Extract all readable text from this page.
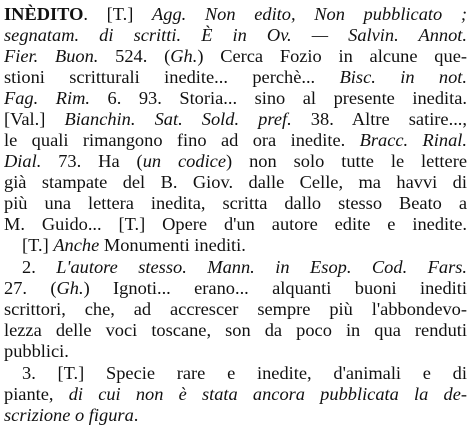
INÈDITO. [T.] Agg. Non edito, Non pubblicato ;
segnatam. di scritti. È in Ov. — Salvin. Annot.
Fier. Buon. 524. (Gh.) Cerca Fozio in alcune que-
stioni scritturali inedite... perchè... Bisc. in not.
Fag. Rim. 6. 93. Storia... sino al presente inedita.
[Val.] Bianchin. Sat. Sold. pref. 38. Altre satire...,
le quali rimangono fino ad ora inedite. Bracc. Rinal.
Dial. 73. Ha (un codice) non solo tutte le lettere
già stampate del B. Giov. dalle Celle, ma havvi di
più una lettera inedita, scritta dallo stesso Beato a
M. Guido... [T.] Opere d'un autore edite e inedite.
[T.] Anche Monumenti inediti.
2. L'autore stesso. Mann. in Esop. Cod. Fars.
27. (Gh.) Ignoti... erano... alquanti buoni inediti
scrittori, che, ad accrescer sempre più l'abbondevo-
lezza delle voci toscane, son da poco in qua renduti
pubblici.
3. [T.] Specie rare e inedite, d'animali e di
piante, di cui non è stata ancora pubblicata la de-
scrizione o figura.
